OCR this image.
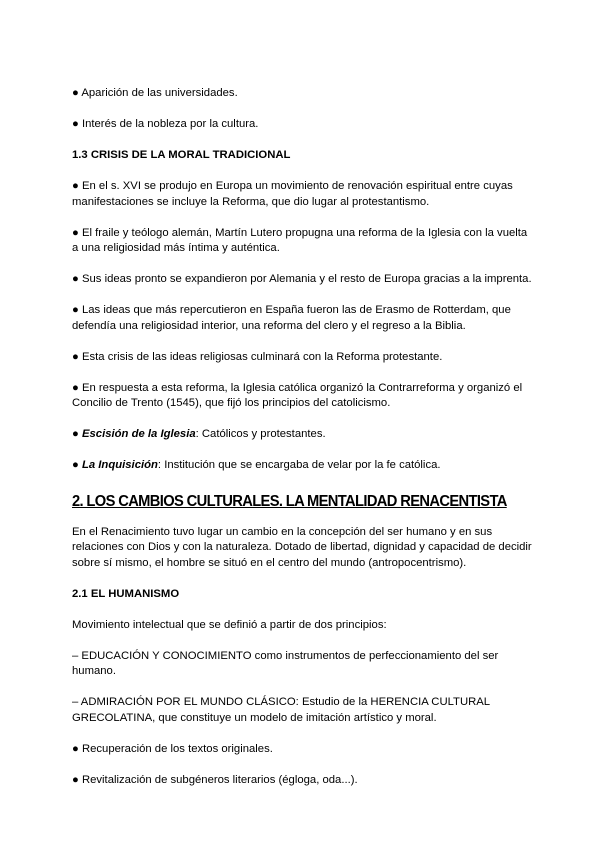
● Aparición de las universidades.

● Interés de la nobleza por la cultura.

1.3 CRISIS DE LA MORAL TRADICIONAL

● En el s. XVI se produjo en Europa un movimiento de renovación espiritual entre cuyas manifestaciones se incluye la Reforma, que dio lugar al protestantismo.

● El fraile y teólogo alemán, Martín Lutero propugna una reforma de la Iglesia con la vuelta a una religiosidad más íntima y auténtica.

● Sus ideas pronto se expandieron por Alemania y el resto de Europa gracias a la imprenta.

● Las ideas que más repercutieron en España fueron las de Erasmo de Rotterdam, que defendía una religiosidad interior, una reforma del clero y el regreso a la Biblia.

● Esta crisis de las ideas religiosas culminará con la Reforma protestante.

● En respuesta a esta reforma, la Iglesia católica organizó la Contrarreforma y organizó el Concilio de Trento (1545), que fijó los principios del catolicismo.

● Escisión de la Iglesia: Católicos y protestantes.

● La Inquisición: Institución que se encargaba de velar por la fe católica.

2. LOS CAMBIOS CULTURALES. LA MENTALIDAD RENACENTISTA

En el Renacimiento tuvo lugar un cambio en la concepción del ser humano y en sus relaciones con Dios y con la naturaleza. Dotado de libertad, dignidad y capacidad de decidir sobre sí mismo, el hombre se situó en el centro del mundo (antropocentrismo).

2.1 EL HUMANISMO

Movimiento intelectual que se definió a partir de dos principios:

– EDUCACIÓN Y CONOCIMIENTO como instrumentos de perfeccionamiento del ser humano.

– ADMIRACIÓN POR EL MUNDO CLÁSICO: Estudio de la HERENCIA CULTURAL GRECOLATINA, que constituye un modelo de imitación artístico y moral.

● Recuperación de los textos originales.

● Revitalización de subgéneros literarios (égloga, oda...).
